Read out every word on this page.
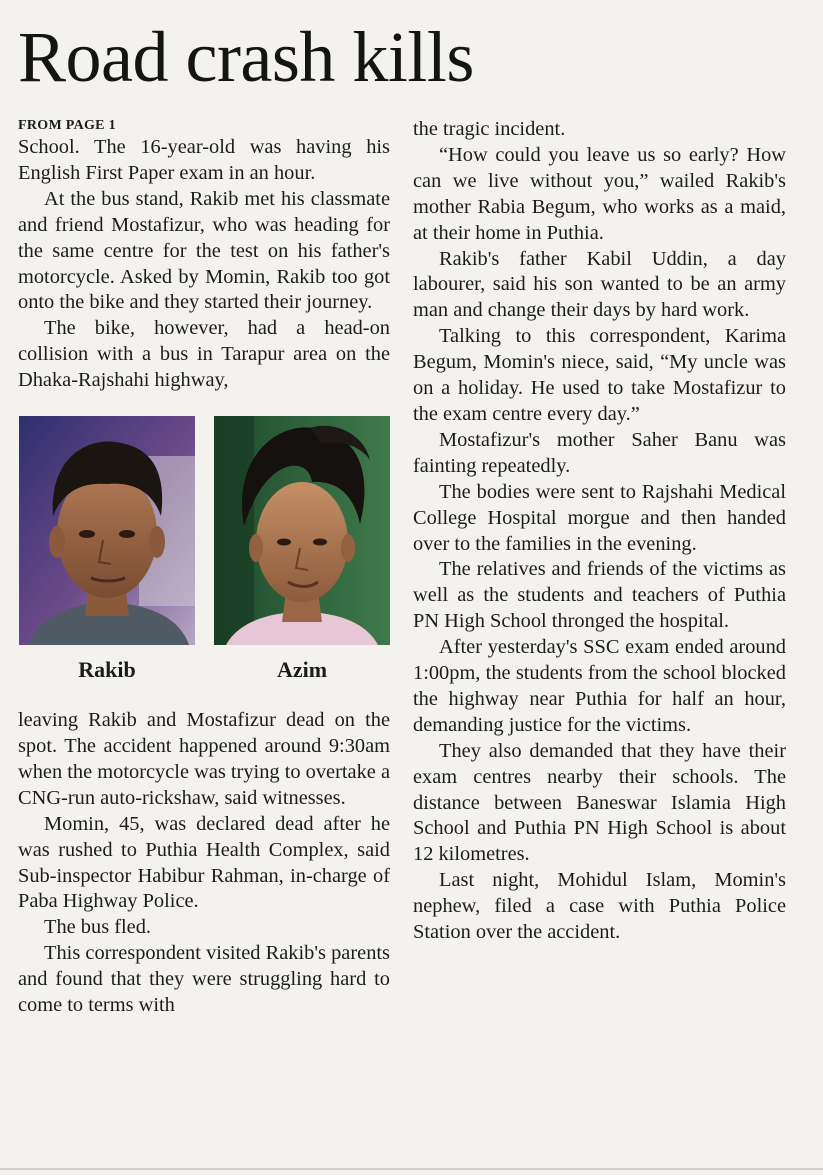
Road crash kills

FROM PAGE 1

School. The 16-year-old was having his English First Paper exam in an hour.

At the bus stand, Rakib met his classmate and friend Mostafizur, who was heading for the same centre for the test on his father's motorcycle. Asked by Momin, Rakib too got onto the bike and they started their journey.

The bike, however, had a head-on collision with a bus in Tarapur area on the Dhaka-Rajshahi highway,

Rakib	Azim

leaving Rakib and Mostafizur dead on the spot. The accident happened around 9:30am when the motorcycle was trying to overtake a CNG-run auto-rickshaw, said witnesses.

Momin, 45, was declared dead after he was rushed to Puthia Health Complex, said Sub-inspector Habibur Rahman, in-charge of Paba Highway Police.

The bus fled.

This correspondent visited Rakib's parents and found that they were struggling hard to come to terms with

the tragic incident.

“How could you leave us so early? How can we live without you,” wailed Rakib's mother Rabia Begum, who works as a maid, at their home in Puthia.

Rakib's father Kabil Uddin, a day labourer, said his son wanted to be an army man and change their days by hard work.

Talking to this correspondent, Karima Begum, Momin's niece, said, “My uncle was on a holiday. He used to take Mostafizur to the exam centre every day.”

Mostafizur's mother Saher Banu was fainting repeatedly.

The bodies were sent to Rajshahi Medical College Hospital morgue and then handed over to the families in the evening.

The relatives and friends of the victims as well as the students and teachers of Puthia PN High School thronged the hospital.

After yesterday's SSC exam ended around 1:00pm, the students from the school blocked the highway near Puthia for half an hour, demanding justice for the victims.

They also demanded that they have their exam centres nearby their schools. The distance between Baneswar Islamia High School and Puthia PN High School is about 12 kilometres.

Last night, Mohidul Islam, Momin's nephew, filed a case with Puthia Police Station over the accident.
